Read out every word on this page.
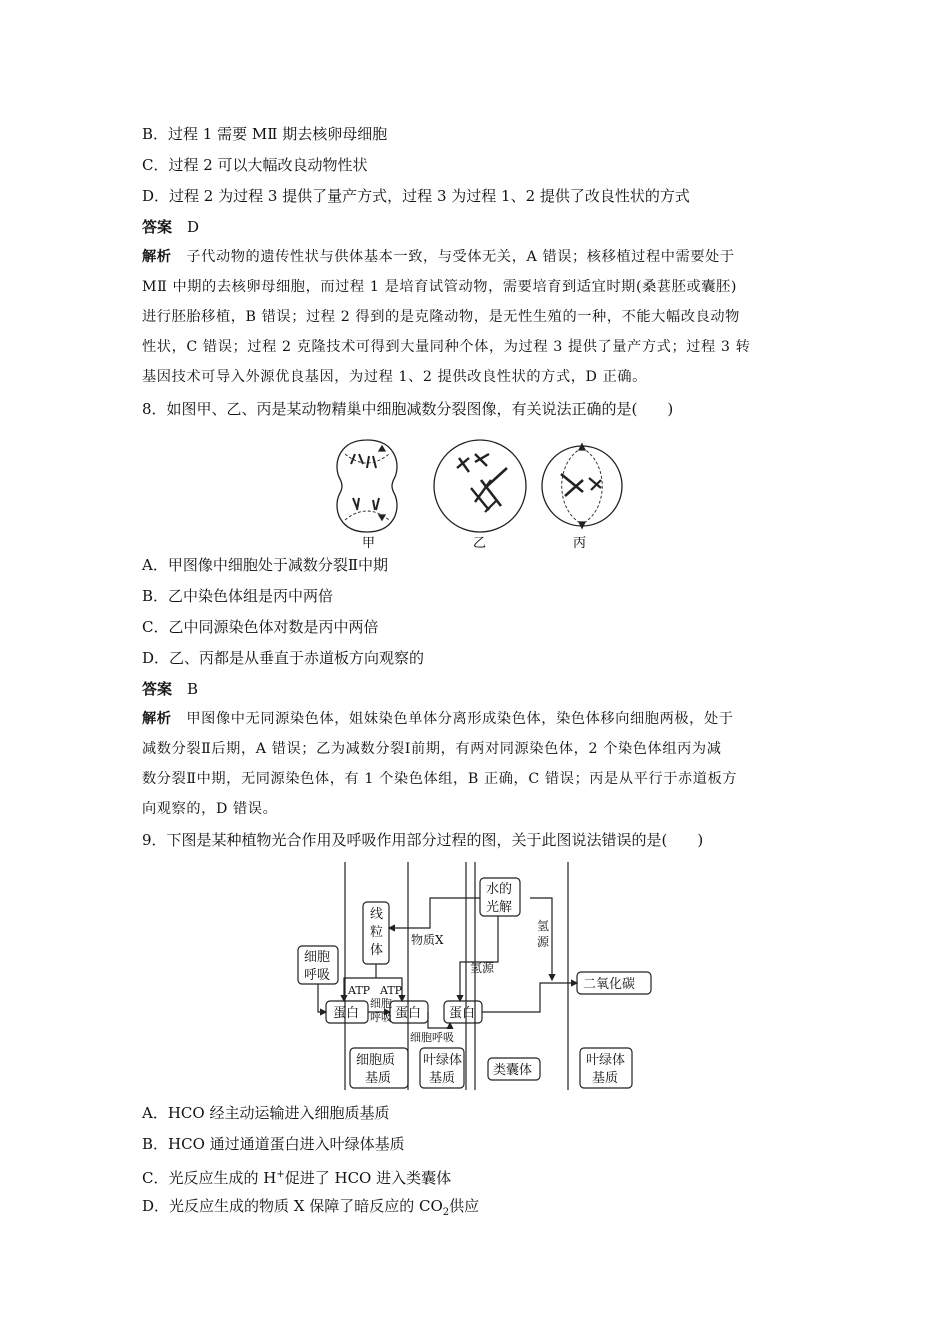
B．过程 1 需要 MⅡ 期去核卵母细胞
C．过程 2 可以大幅改良动物性状
D．过程 2 为过程 3 提供了量产方式，过程 3 为过程 1、2 提供了改良性状的方式
答案　 D
解析　 子代动物的遗传性状与供体基本一致，与受体无关，A 错误；核移植过程中需要处于
MⅡ 中期的去核卵母细胞，而过程 1 是培育试管动物，需要培育到适宜时期(桑葚胚或囊胚)
进行胚胎移植，B 错误；过程 2 得到的是克隆动物，是无性生殖的一种，不能大幅改良动物
性状，C 错误；过程 2 克隆技术可得到大量同种个体，为过程 3 提供了量产方式；过程 3 转
基因技术可导入外源优良基因，为过程 1、2 提供改良性状的方式，D 正确。
8．如图甲、乙、丙是某动物精巢中细胞减数分裂图像，有关说法正确的是(　　)
甲	乙	丙
A．甲图像中细胞处于减数分裂Ⅱ中期
B．乙中染色体组是丙中两倍
C．乙中同源染色体对数是丙中两倍
D．乙、丙都是从垂直于赤道板方向观察的
答案　 B
解析　 甲图像中无同源染色体，姐妹染色单体分离形成染色体，染色体移向细胞两极，处于
减数分裂Ⅱ后期，A 错误；乙为减数分裂Ⅰ前期，有两对同源染色体，2 个染色体组丙为减
数分裂Ⅱ中期，无同源染色体，有 1 个染色体组，B 正确，C 错误；丙是从平行于赤道板方
向观察的，D 错误。
9．下图是某种植物光合作用及呼吸作用部分过程的图，关于此图说法错误的是(　　)
水的
光解
线
粒
体
物质X
氢
源
细胞
呼吸	氢源
ATP ATP	二氧化碳
蛋白
细胞
呼吸 蛋白 蛋白
细胞呼吸
细胞质
基质
叶绿体
基质
类囊体
叶绿体
基质
A．HCO 经主动运输进入细胞质基质
B．HCO 通过通道蛋白进入叶绿体基质
C．光反应生成的 H+促进了 HCO 进入类囊体
D．光反应生成的物质 X 保障了暗反应的 $CO_2$供应
